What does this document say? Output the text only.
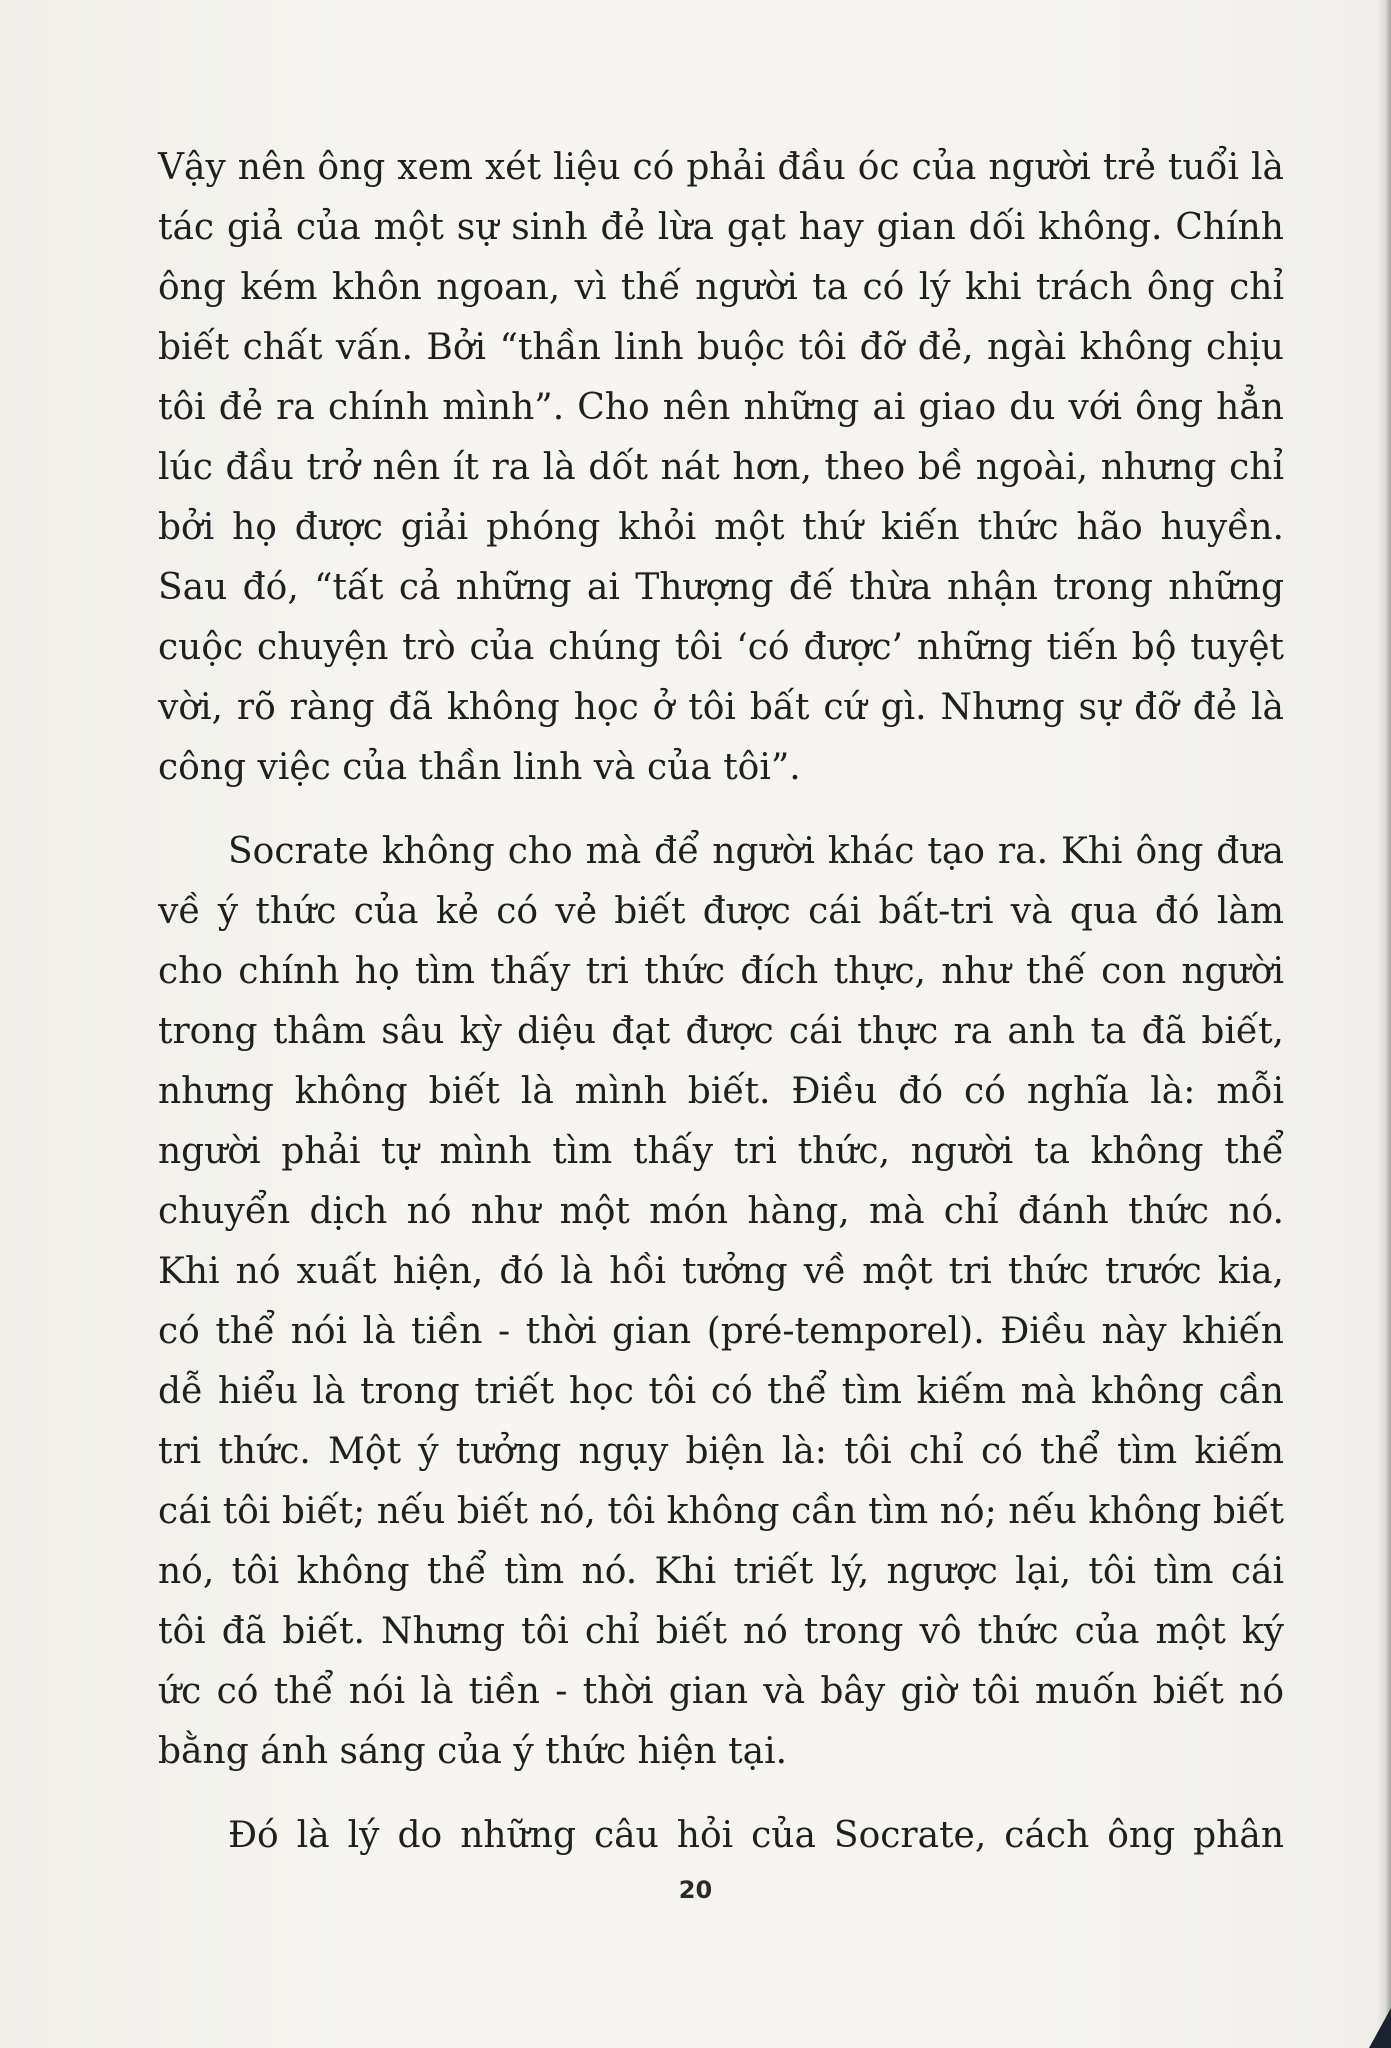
Vậy nên ông xem xét liệu có phải đầu óc của người trẻ tuổi là
tác giả của một sự sinh đẻ lừa gạt hay gian dối không. Chính
ông kém khôn ngoan, vì thế người ta có lý khi trách ông chỉ
biết chất vấn. Bởi “thần linh buộc tôi đỡ đẻ, ngài không chịu
tôi đẻ ra chính mình”. Cho nên những ai giao du với ông hẳn
lúc đầu trở nên ít ra là dốt nát hơn, theo bề ngoài, nhưng chỉ
bởi họ được giải phóng khỏi một thứ kiến thức hão huyền.
Sau đó, “tất cả những ai Thượng đế thừa nhận trong những
cuộc chuyện trò của chúng tôi ‘có được’ những tiến bộ tuyệt
vời, rõ ràng đã không học ở tôi bất cứ gì. Nhưng sự đỡ đẻ là
công việc của thần linh và của tôi”.
Socrate không cho mà để người khác tạo ra. Khi ông đưa
về ý thức của kẻ có vẻ biết được cái bất-tri và qua đó làm
cho chính họ tìm thấy tri thức đích thực, như thế con người
trong thâm sâu kỳ diệu đạt được cái thực ra anh ta đã biết,
nhưng không biết là mình biết. Điều đó có nghĩa là: mỗi
người phải tự mình tìm thấy tri thức, người ta không thể
chuyển dịch nó như một món hàng, mà chỉ đánh thức nó.
Khi nó xuất hiện, đó là hồi tưởng về một tri thức trước kia,
có thể nói là tiền - thời gian (pré-temporel). Điều này khiến
dễ hiểu là trong triết học tôi có thể tìm kiếm mà không cần
tri thức. Một ý tưởng ngụy biện là: tôi chỉ có thể tìm kiếm
cái tôi biết; nếu biết nó, tôi không cần tìm nó; nếu không biết
nó, tôi không thể tìm nó. Khi triết lý, ngược lại, tôi tìm cái
tôi đã biết. Nhưng tôi chỉ biết nó trong vô thức của một ký
ức có thể nói là tiền - thời gian và bây giờ tôi muốn biết nó
bằng ánh sáng của ý thức hiện tại.
Đó là lý do những câu hỏi của Socrate, cách ông phân
20
